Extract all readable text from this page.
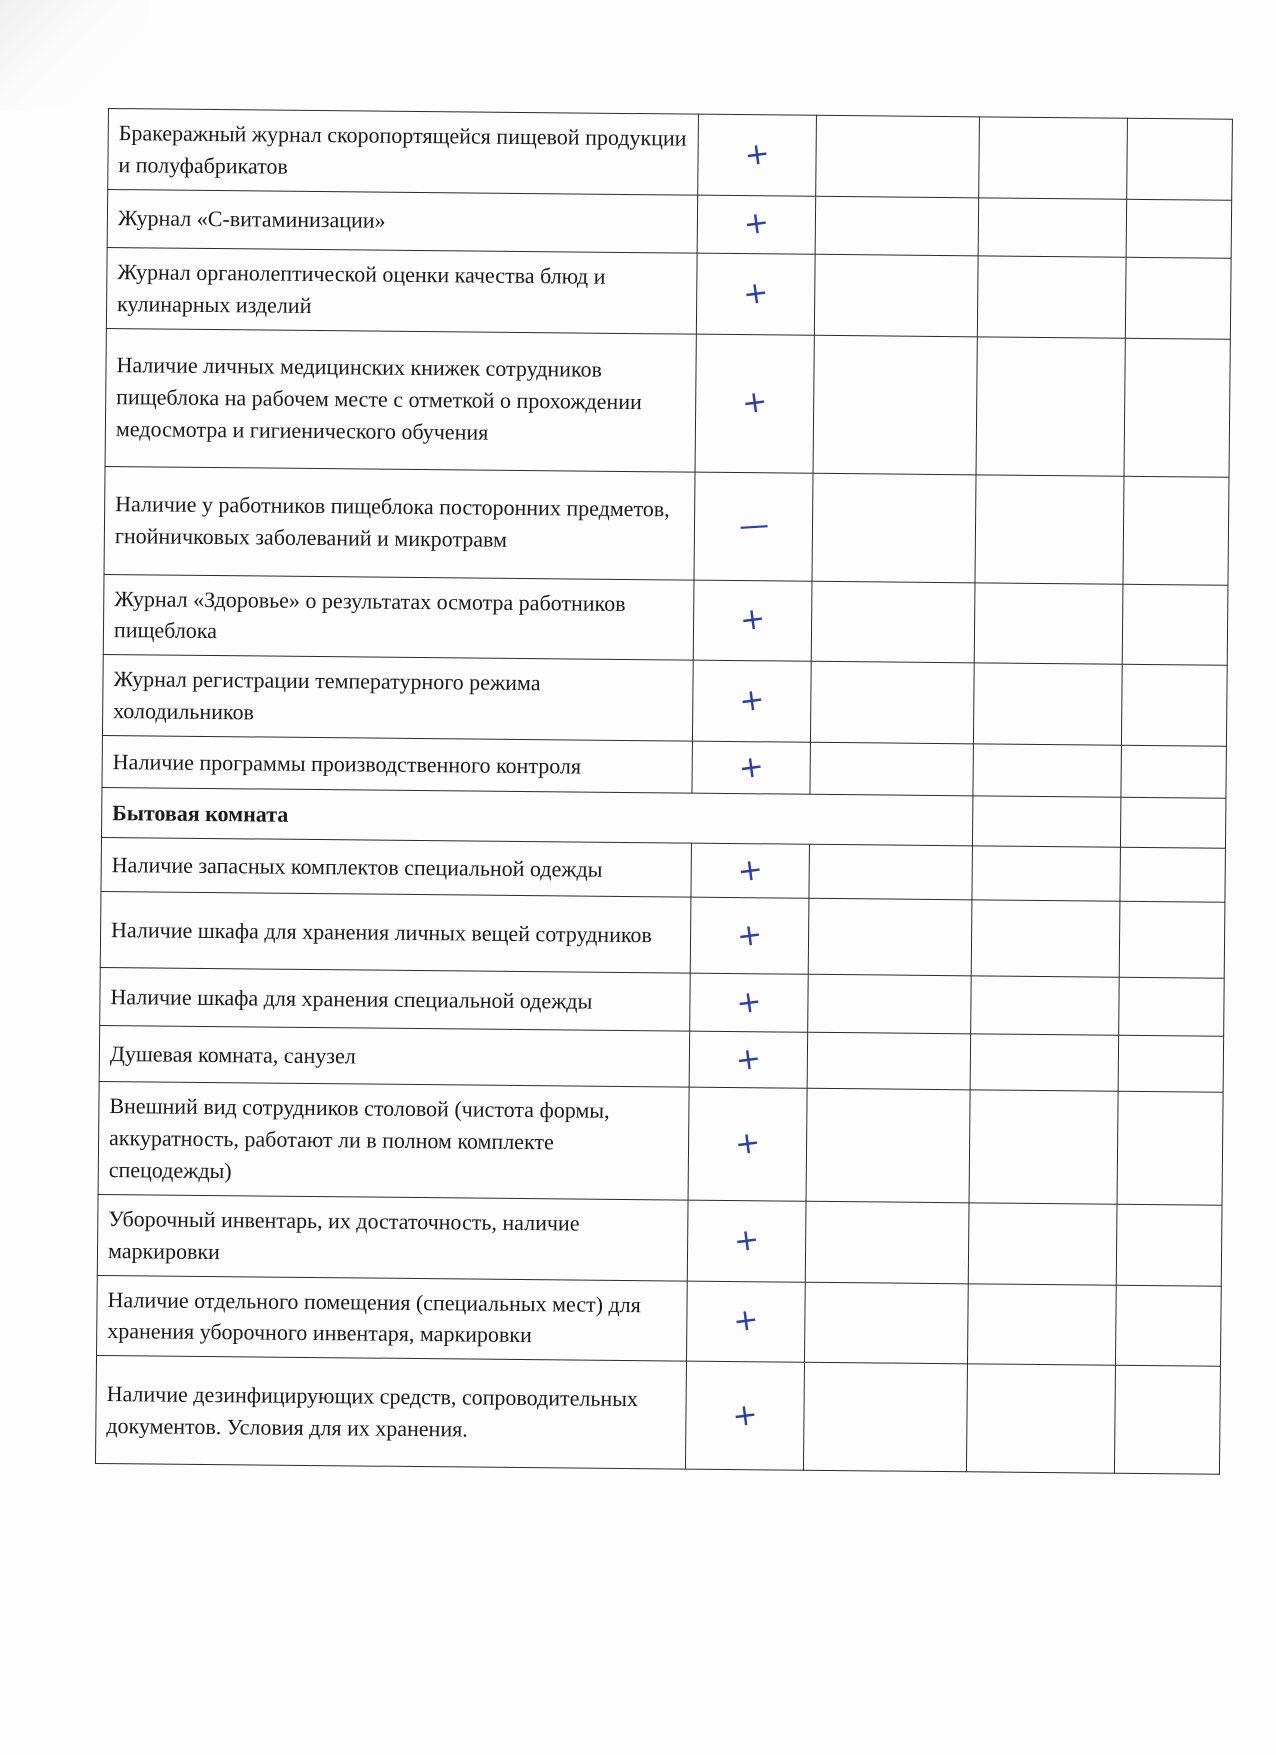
Бракеражный журнал скоропортящейся пищевой продукции и полуфабрикатов	+			
Журнал «С-витаминизации»	+			
Журнал органолептической оценки качества блюд и кулинарных изделий	+			
Наличие личных медицинских книжек сотрудников пищеблока на рабочем месте с отметкой о прохождении медосмотра и гигиенического обучения	+			
Наличие у работников пищеблока посторонних предметов, гнойничковых заболеваний и микротравм	—			
Журнал «Здоровье» о результатах осмотра работников пищеблока	+			
Журнал регистрации температурного режима холодильников	+			
Наличие программы производственного контроля	+			
Бытовая комната				
Наличие запасных комплектов специальной одежды	+			
Наличие шкафа для хранения личных вещей сотрудников	+			
Наличие шкафа для хранения специальной одежды	+			
Душевая комната, санузел	+			
Внешний вид сотрудников столовой (чистота формы, аккуратность, работают ли в полном комплекте спецодежды)	+			
Уборочный инвентарь, их достаточность, наличие маркировки	+			
Наличие отдельного помещения (специальных мест) для хранения уборочного инвентаря, маркировки	+			
Наличие дезинфицирующих средств, сопроводительных документов. Условия для их хранения.	+			
